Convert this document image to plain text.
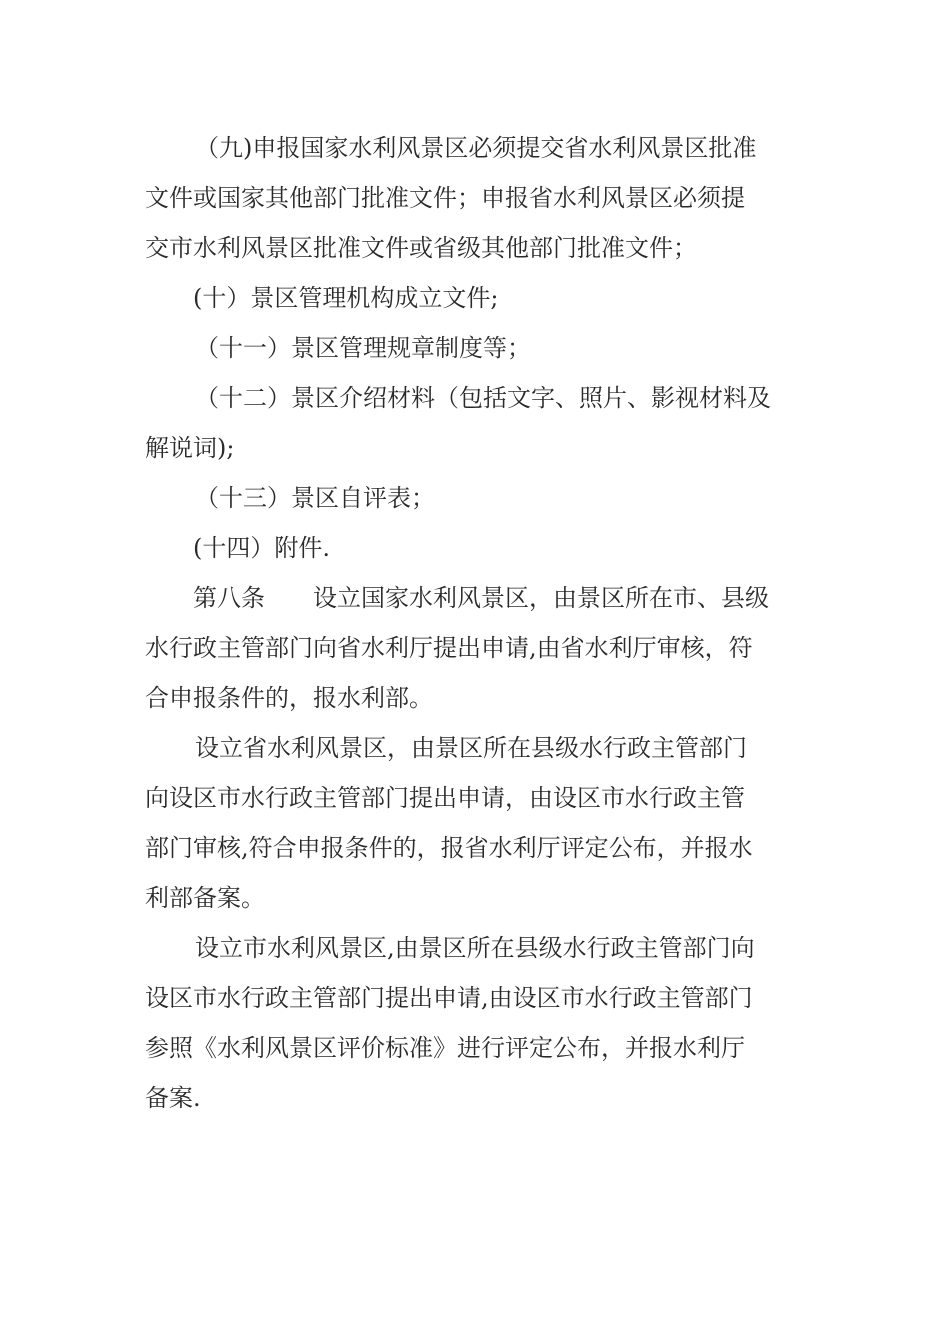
（九)申报国家水利风景区必须提交省水利风景区批准
文件或国家其他部门批准文件；申报省水利风景区必须提
交市水利风景区批准文件或省级其他部门批准文件；
(十）景区管理机构成立文件;
（十一）景区管理规章制度等；
（十二）景区介绍材料（包括文字、照片、影视材料及
解说词);
（十三）景区自评表；
(十四）附件.
第八条　　设立国家水利风景区，由景区所在市、县级
水行政主管部门向省水利厅提出申请,由省水利厅审核，符
合申报条件的，报水利部。
设立省水利风景区，由景区所在县级水行政主管部门
向设区市水行政主管部门提出申请，由设区市水行政主管
部门审核,符合申报条件的，报省水利厅评定公布，并报水
利部备案。
设立市水利风景区,由景区所在县级水行政主管部门向
设区市水行政主管部门提出申请,由设区市水行政主管部门
参照《水利风景区评价标准》进行评定公布，并报水利厅
备案.
